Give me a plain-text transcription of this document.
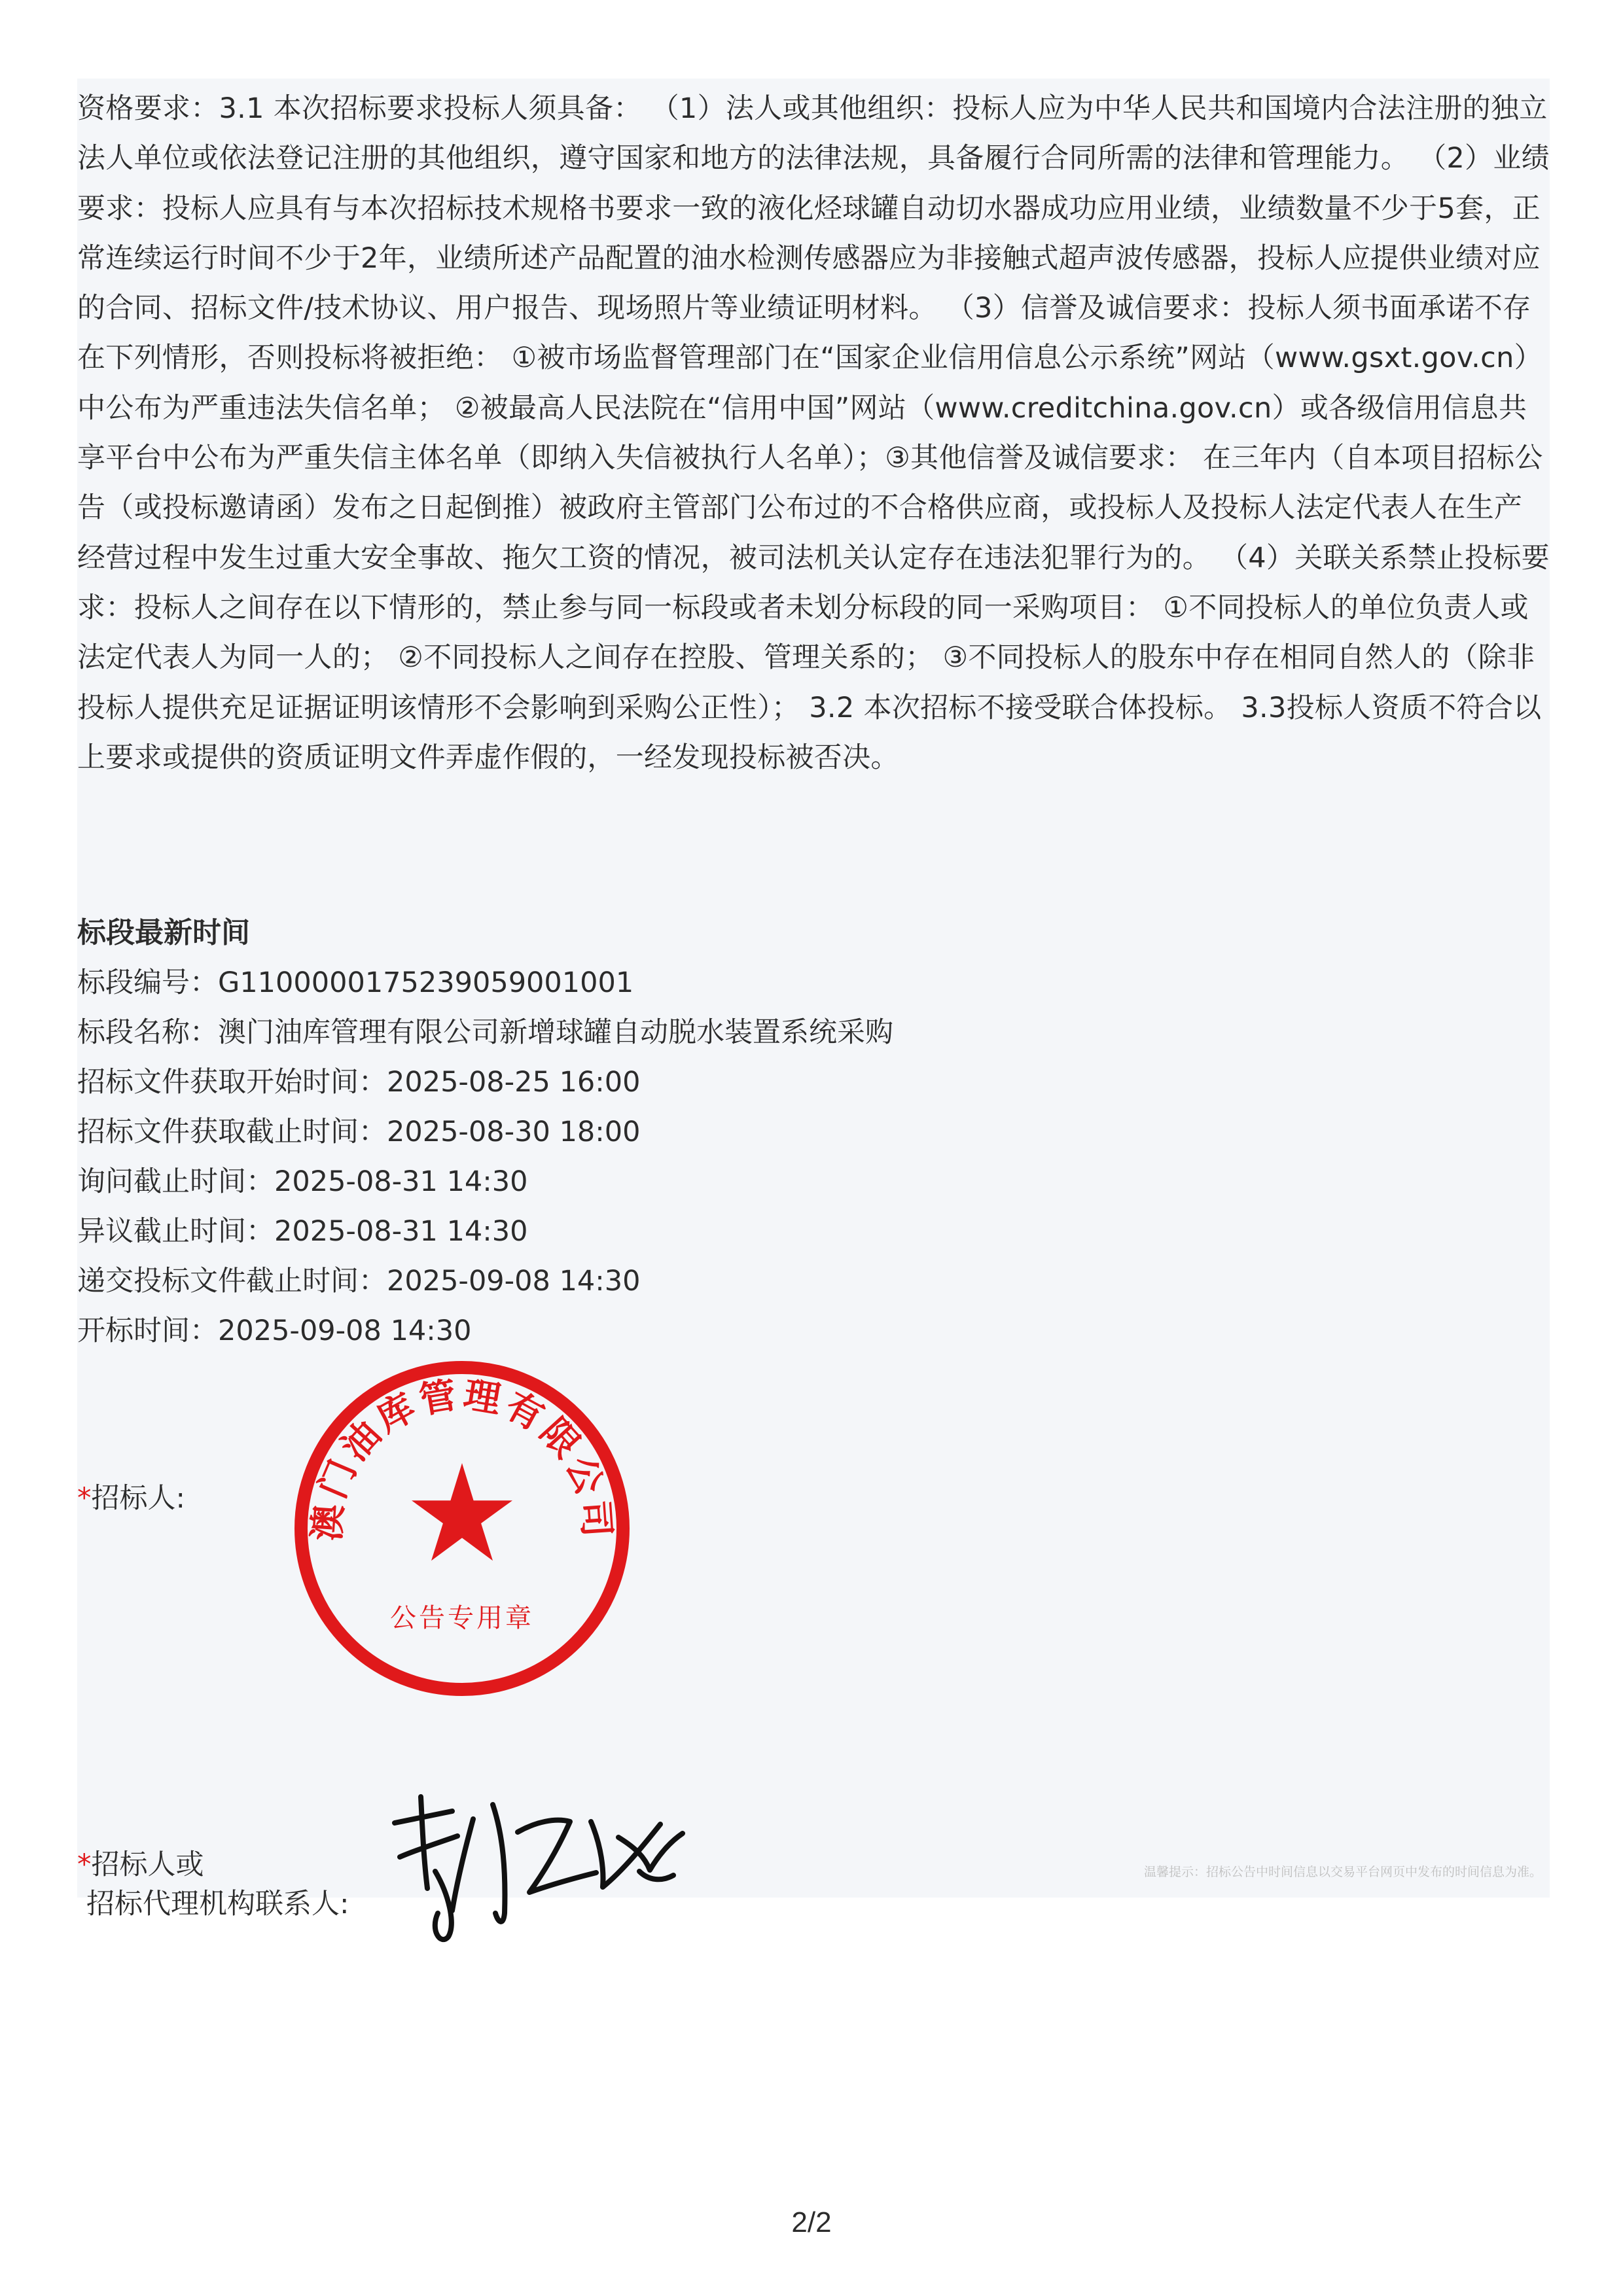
资格要求：3.1 本次招标要求投标人须具备： （1）法人或其他组织：投标人应为中华人民共和国境内合法注册的独立法人单位或依法登记注册的其他组织，遵守国家和地方的法律法规，具备履行合同所需的法律和管理能力。 （2）业绩要求：投标人应具有与本次招标技术规格书要求一致的液化烃球罐自动切水器成功应用业绩，业绩数量不少于5套，正常连续运行时间不少于2年，业绩所述产品配置的油水检测传感器应为非接触式超声波传感器，投标人应提供业绩对应的合同、招标文件/技术协议、用户报告、现场照片等业绩证明材料。 （3）信誉及诚信要求：投标人须书面承诺不存在下列情形，否则投标将被拒绝： ①被市场监督管理部门在“国家企业信用信息公示系统”网站（www.gsxt.gov.cn）中公布为严重违法失信名单； ②被最高人民法院在“信用中国”网站（www.creditchina.gov.cn）或各级信用信息共享平台中公布为严重失信主体名单（即纳入失信被执行人名单）；③其他信誉及诚信要求： 在三年内（自本项目招标公告（或投标邀请函）发布之日起倒推）被政府主管部门公布过的不合格供应商，或投标人及投标人法定代表人在生产经营过程中发生过重大安全事故、拖欠工资的情况，被司法机关认定存在违法犯罪行为的。 （4）关联关系禁止投标要求：投标人之间存在以下情形的，禁止参与同一标段或者未划分标段的同一采购项目： ①不同投标人的单位负责人或法定代表人为同一人的； ②不同投标人之间存在控股、管理关系的； ③不同投标人的股东中存在相同自然人的（除非投标人提供充足证据证明该情形不会影响到采购公正性）； 3.2 本次招标不接受联合体投标。 3.3投标人资质不符合以上要求或提供的资质证明文件弄虚作假的，一经发现投标被否决。

标段最新时间
标段编号：G1100000175239059001001
标段名称：澳门油库管理有限公司新增球罐自动脱水装置系统采购
招标文件获取开始时间：2025-08-25 16:00
招标文件获取截止时间：2025-08-30 18:00
询问截止时间：2025-08-31 14:30
异议截止时间：2025-08-31 14:30
递交投标文件截止时间：2025-09-08 14:30
开标时间：2025-09-08 14:30
*招标人:
澳门油库管理有限公司
公告专用章
*招标人或
招标代理机构联系人:
温馨提示：招标公告中时间信息以交易平台网页中发布的时间信息为准。
2/2
